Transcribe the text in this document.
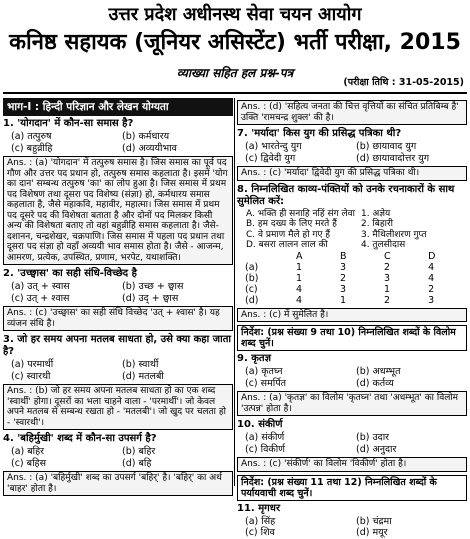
उत्तर प्रदेश अधीनस्थ सेवा चयन आयोग
कनिष्ठ सहायक (जूनियर असिस्टेंट) भर्ती परीक्षा, 2015
व्याख्या सहित हल प्रश्न-पत्र
(परीक्षा तिथि : 31-05-2015)
भाग-I : हिन्दी परिज्ञान और लेखन योग्यता
1. 'योगदान' में कौन-सा समास है?
(a) तत्पुरुष	(b) कर्मधारय
(c) बहुव्रीहि	(d) अव्ययीभाव
Ans. : (a) 'योगदान' में तत्पुरुष समास है। जिस समास का पूर्व पद गौण और उत्तर पद प्रधान हो, तत्पुरुष समास कहलाता है। इसमें 'योग का दान' सम्बन्ध तत्पुरुष 'का' का लोप हुआ है। जिस समास में प्रथम पद विशेषण तथा दूसरा पद विशेष्य (संज्ञा) हो, कर्मधारय समास कहलाता है, जैसे महाकवि, महावीर, महात्मा। जिस समास में प्रथम पद दूसरे पद की विशेषता बताता है और दोनों पद मिलकर किसी अन्य की विशेषता बताए तो वहां बहुव्रीहि समास कहलाता है। जैसे- दशानन, चन्द्रशेखर, चक्रपाणि। जिस समास में पहला पद प्रधान तथा दूसरा पद संज्ञा हो वहाँ अव्ययी भाव समास होता है। जैसे - आजन्म, आमरण, प्रत्येक, उपस्थित, प्रणाम, भरपेट, यथाशक्ति।
2. 'उच्छ्वास' का सही संधि-विच्छेद है
(a) उत् + स्वास	(b) उच्छ + छ्वास
(c) उत् + श्वास	(d) उद् + छ्वास
Ans. : (c) 'उच्छ्वास' का सही संधि विच्छेद 'उत् + श्वास' है। यह व्यंजन संधि है।
3. जो हर समय अपना मतलब साधता हो, उसे क्या कहा जाता है?
(a) परमार्थी	(b) स्वार्थी
(c) स्वारथी	(d) मतलबी
Ans. : (b) जो हर समय अपना मतलब साधता हो का एक शब्द 'स्वार्थी' होगा। दूसरों का भला चाहने वाला - 'परमार्थी'। जो केवल अपने मतलब से सम्बन्ध रखता हो - 'मतलबी'। जो खुद पर चलता हो - 'स्वारथी'।
4. 'बहिर्मुखी' शब्द में कौन-सा उपसर्ग है?
(a) बहिर	(b) बहिर
(c) बहिस	(d) बहि
Ans. : (a) 'बहिर्मुखी' शब्द का उपसर्ग 'बहिर्' है। 'बहिर्' का अर्थ 'बाहर' होता है।
Ans. : (d) 'सहित्य जनता की चित्त वृत्तियों का संचित प्रतिबिम्ब है' उक्ति 'रामचन्द्र शुक्ल' की है।
7. 'मर्यादा' किस युग की प्रसिद्ध पत्रिका थी?
(a) भारतेन्दु युग	(b) छायावाद युग
(c) द्विवेदी युग	(d) छायावादोत्तर युग
Ans. : (c) 'मर्यादा' द्विवेदी युग की प्रसिद्ध पत्रिका थी।
8. निम्नलिखित काव्य-पंक्तियों को उनके रचनाकारों के साथ सुमेलित करें:
A. भक्ति ही सनाहि नहिं संग लेवा	1. अज्ञेय
B. हम दख्य के लिए मरते हैं	2. बिहारी
C. वे प्रमाण मैले हो गए हैं	3. मैथिलीशरण गुप्त
D. बसरा लालन लाल की	4. तुलसीदास
A	B	C	D
(a)	1	3	2	4
(b)	1	2	3	4
(c)	4	3	1	2
(d)	4	1	2	3
Ans. : (c) में सुमेलित है।
निर्देश: (प्रश्न संख्या 9 तथा 10) निम्नलिखित शब्दों के विलोम शब्द चुनें।
9. कृतज्ञ
(a) कृतघ्न	(b) अधम्भूत
(c) समर्पित	(d) कर्तव्य
Ans. : (a) 'कृतज्ञ' का विलोम 'कृतघ्न' तथा 'अधम्भूत' का विलोम 'उत्पन्न' होता है।
10. संकीर्ण
(a) संकीर्ण	(b) उदार
(c) विकीर्ण	(d) अनुदार
Ans. : (c) 'संकीर्ण' का विलोम 'विकीर्ण' होता है।
निर्देश: (प्रश्न संख्या 11 तथा 12) निम्नलिखित शब्दों के पर्यायवाची शब्द चुनें।
11. मृगधर
(a) सिंह	(b) चंद्रमा
(c) शिव	(d) मयूर
